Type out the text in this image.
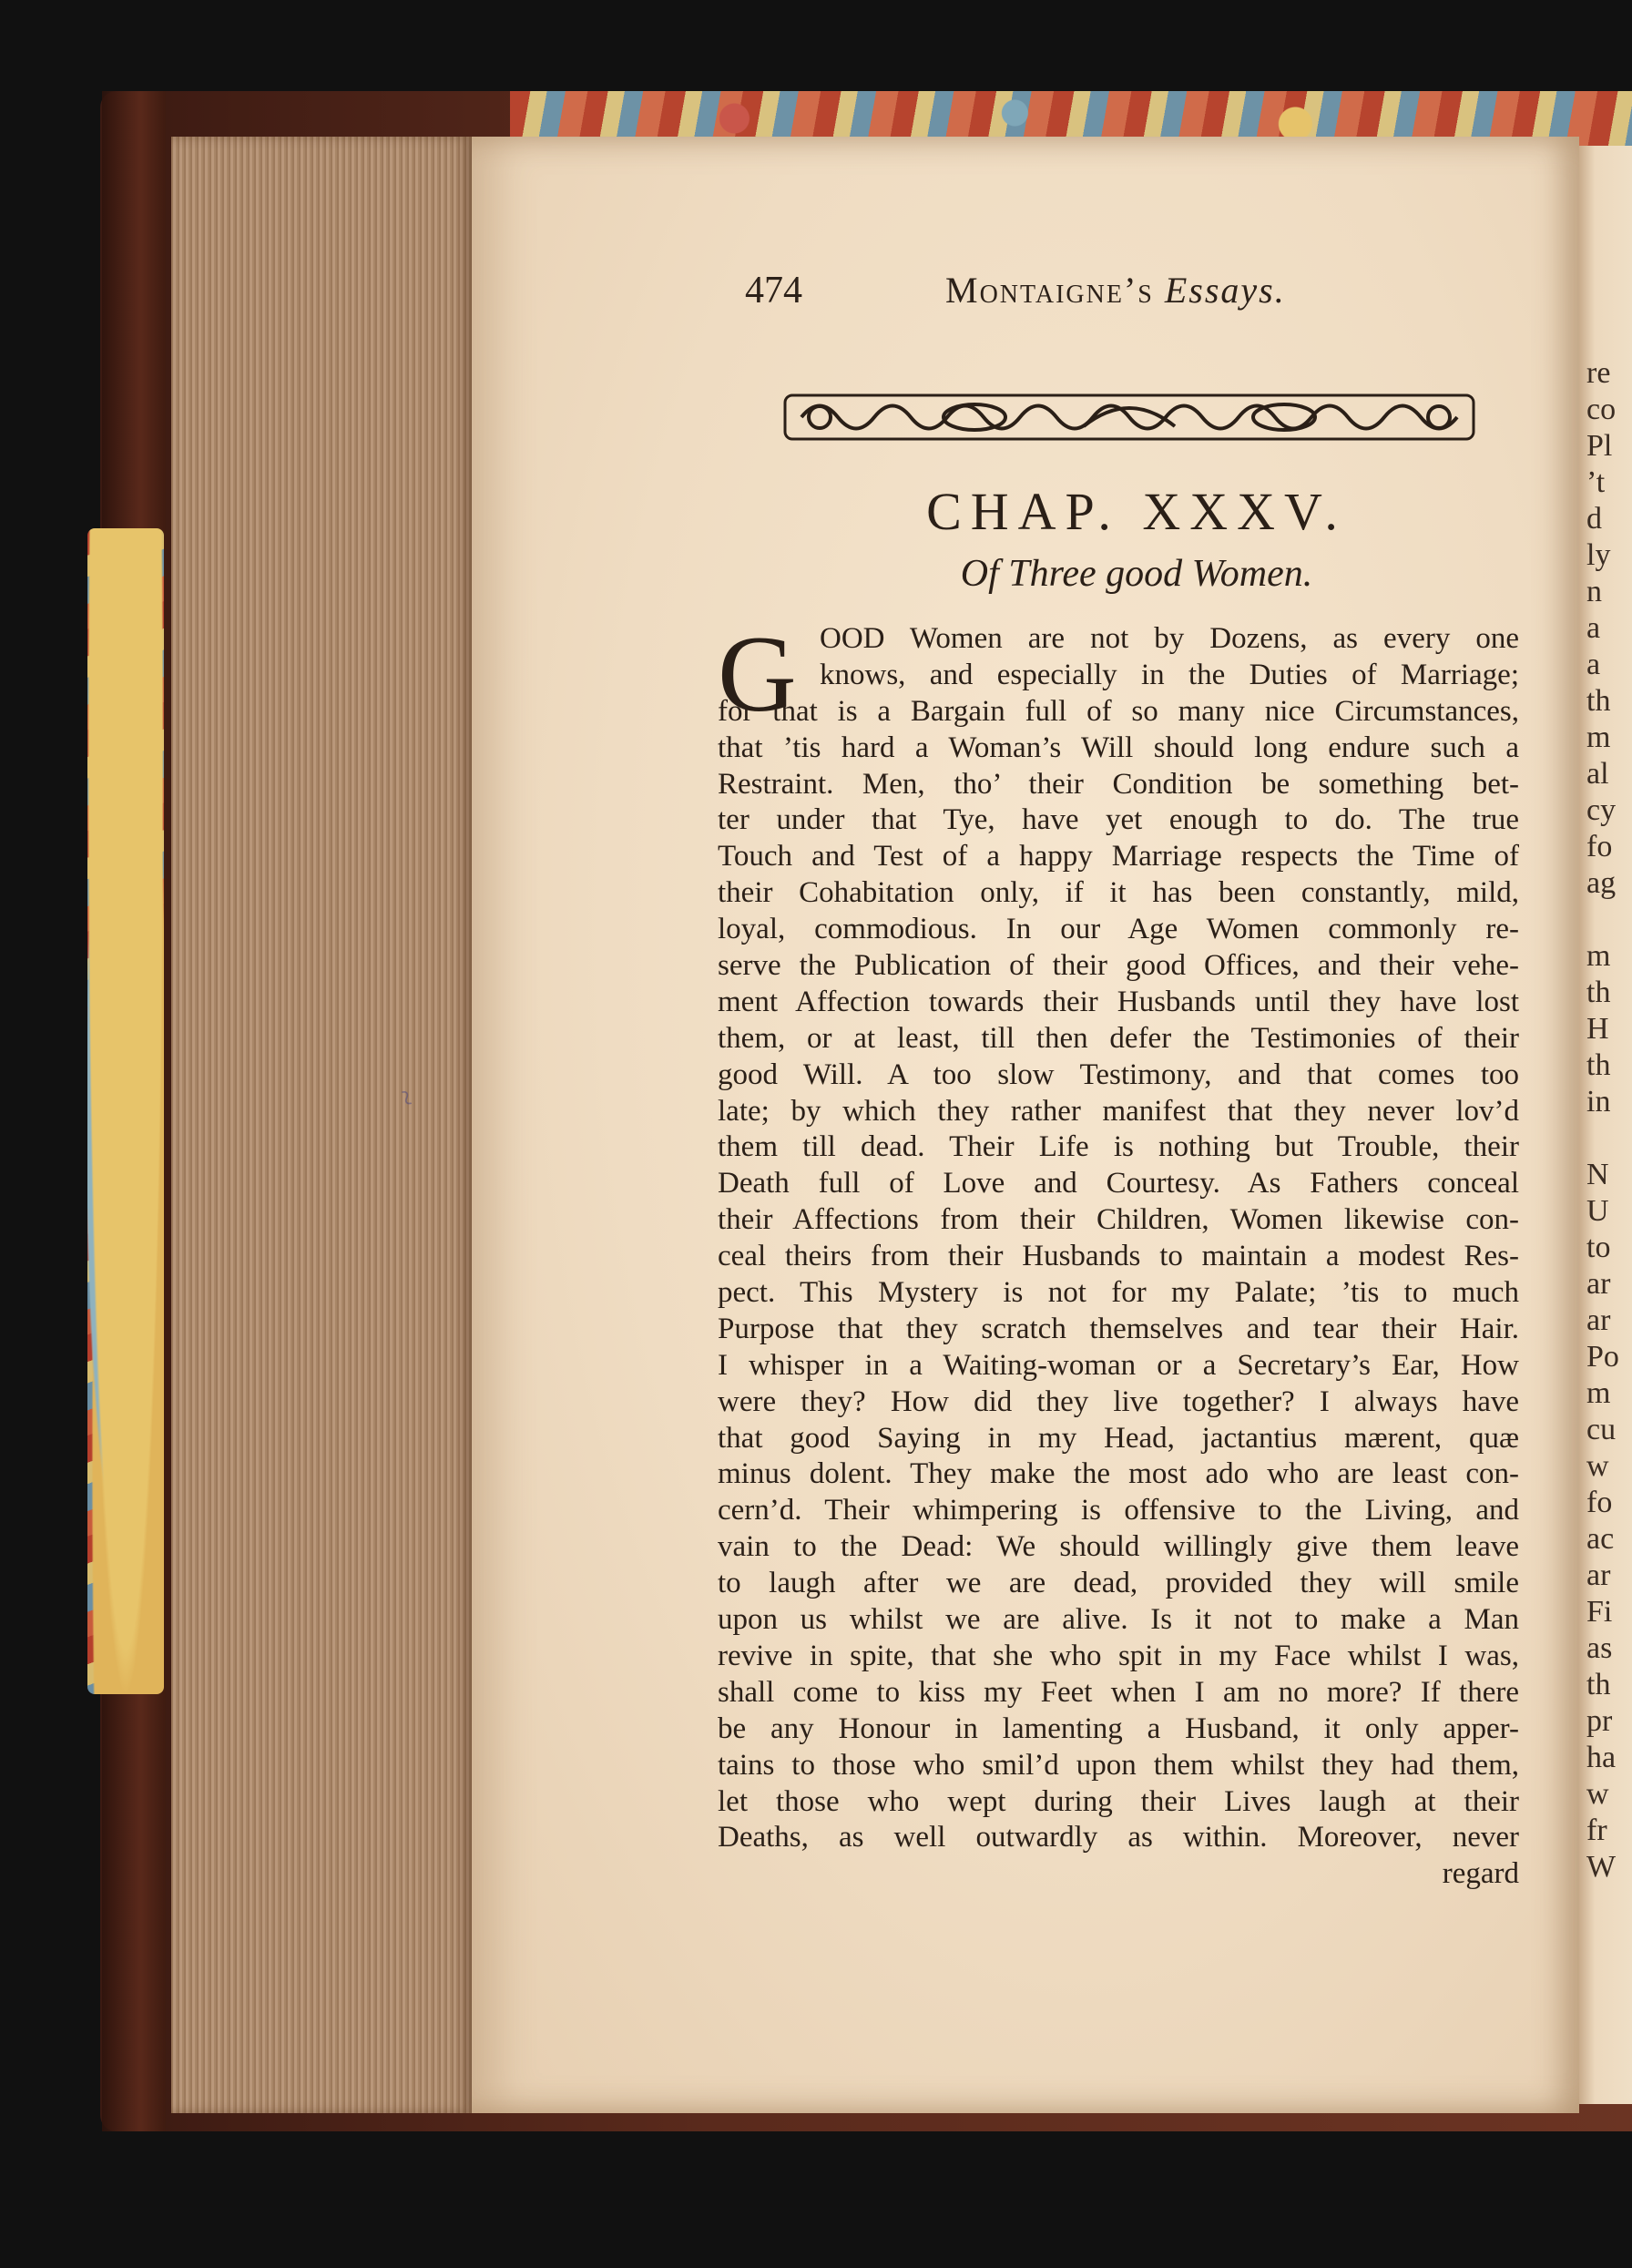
~
re
co
Pl
’t
d
ly
n
a
a
th
m
al
cy
fo
ag
m
th
H
th
in
N
U
to
ar
ar
Po
m
cu
w
fo
ac
ar
Fi
as
th
pr
ha
w
fr
W
474	Montaigne’s Essays.
CHAP. XXXV.
Of Three good Women.
G OOD Women are not by Dozens, as every one
knows, and especially in the Duties of Marriage;
for that is a Bargain full of so many nice Circumstances,
that ’tis hard a Woman’s Will should long endure such a
Restraint. Men, tho’ their Condition be something bet-
ter under that Tye, have yet enough to do. The true
Touch and Test of a happy Marriage respects the Time of
their Cohabitation only, if it has been constantly, mild,
loyal, commodious. In our Age Women commonly re-
serve the Publication of their good Offices, and their vehe-
ment Affection towards their Husbands until they have lost
them, or at least, till then defer the Testimonies of their
good Will. A too slow Testimony, and that comes too
late; by which they rather manifest that they never lov’d
them till dead. Their Life is nothing but Trouble, their
Death full of Love and Courtesy. As Fathers conceal
their Affections from their Children, Women likewise con-
ceal theirs from their Husbands to maintain a modest Res-
pect. This Mystery is not for my Palate; ’tis to much
Purpose that they scratch themselves and tear their Hair.
I whisper in a Waiting-woman or a Secretary’s Ear, How
were they? How did they live together? I always have
that good Saying in my Head, jactantius mærent, quæ
minus dolent. They make the most ado who are least con-
cern’d. Their whimpering is offensive to the Living, and
vain to the Dead: We should willingly give them leave
to laugh after we are dead, provided they will smile
upon us whilst we are alive. Is it not to make a Man
revive in spite, that she who spit in my Face whilst I was,
shall come to kiss my Feet when I am no more? If there
be any Honour in lamenting a Husband, it only apper-
tains to those who smil’d upon them whilst they had them,
let those who wept during their Lives laugh at their
Deaths, as well outwardly as within. Moreover, never
regard
